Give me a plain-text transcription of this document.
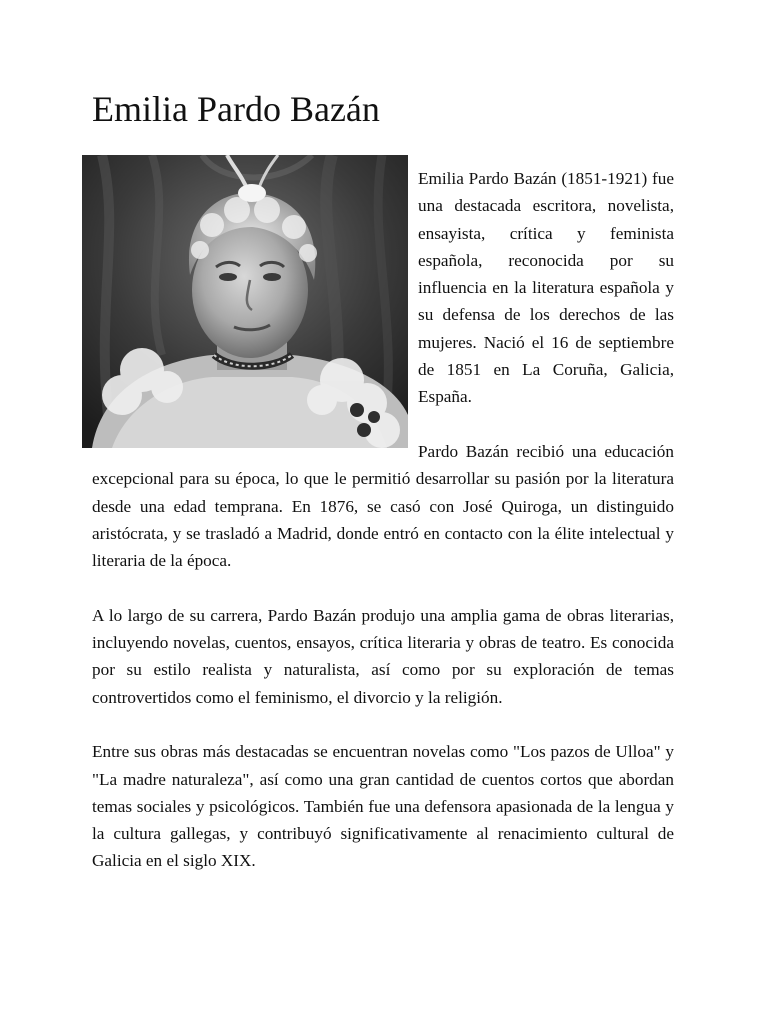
Emilia Pardo Bazán

Emilia Pardo Bazán (1851-1921) fue una destacada escritora, novelista, ensayista, crítica y feminista española, reconocida por su influencia en la literatura española y su defensa de los derechos de las mujeres. Nació el 16 de septiembre de 1851 en La Coruña, Galicia, España.

Pardo Bazán recibió una educación excepcional para su época, lo que le permitió desarrollar su pasión por la literatura desde una edad temprana. En 1876, se casó con José Quiroga, un distinguido aristócrata, y se trasladó a Madrid, donde entró en contacto con la élite intelectual y literaria de la época.

A lo largo de su carrera, Pardo Bazán produjo una amplia gama de obras literarias, incluyendo novelas, cuentos, ensayos, crítica literaria y obras de teatro. Es conocida por su estilo realista y naturalista, así como por su exploración de temas controvertidos como el feminismo, el divorcio y la religión.

Entre sus obras más destacadas se encuentran novelas como "Los pazos de Ulloa" y "La madre naturaleza", así como una gran cantidad de cuentos cortos que abordan temas sociales y psicológicos. También fue una defensora apasionada de la lengua y la cultura gallegas, y contribuyó significativamente al renacimiento cultural de Galicia en el siglo XIX.
